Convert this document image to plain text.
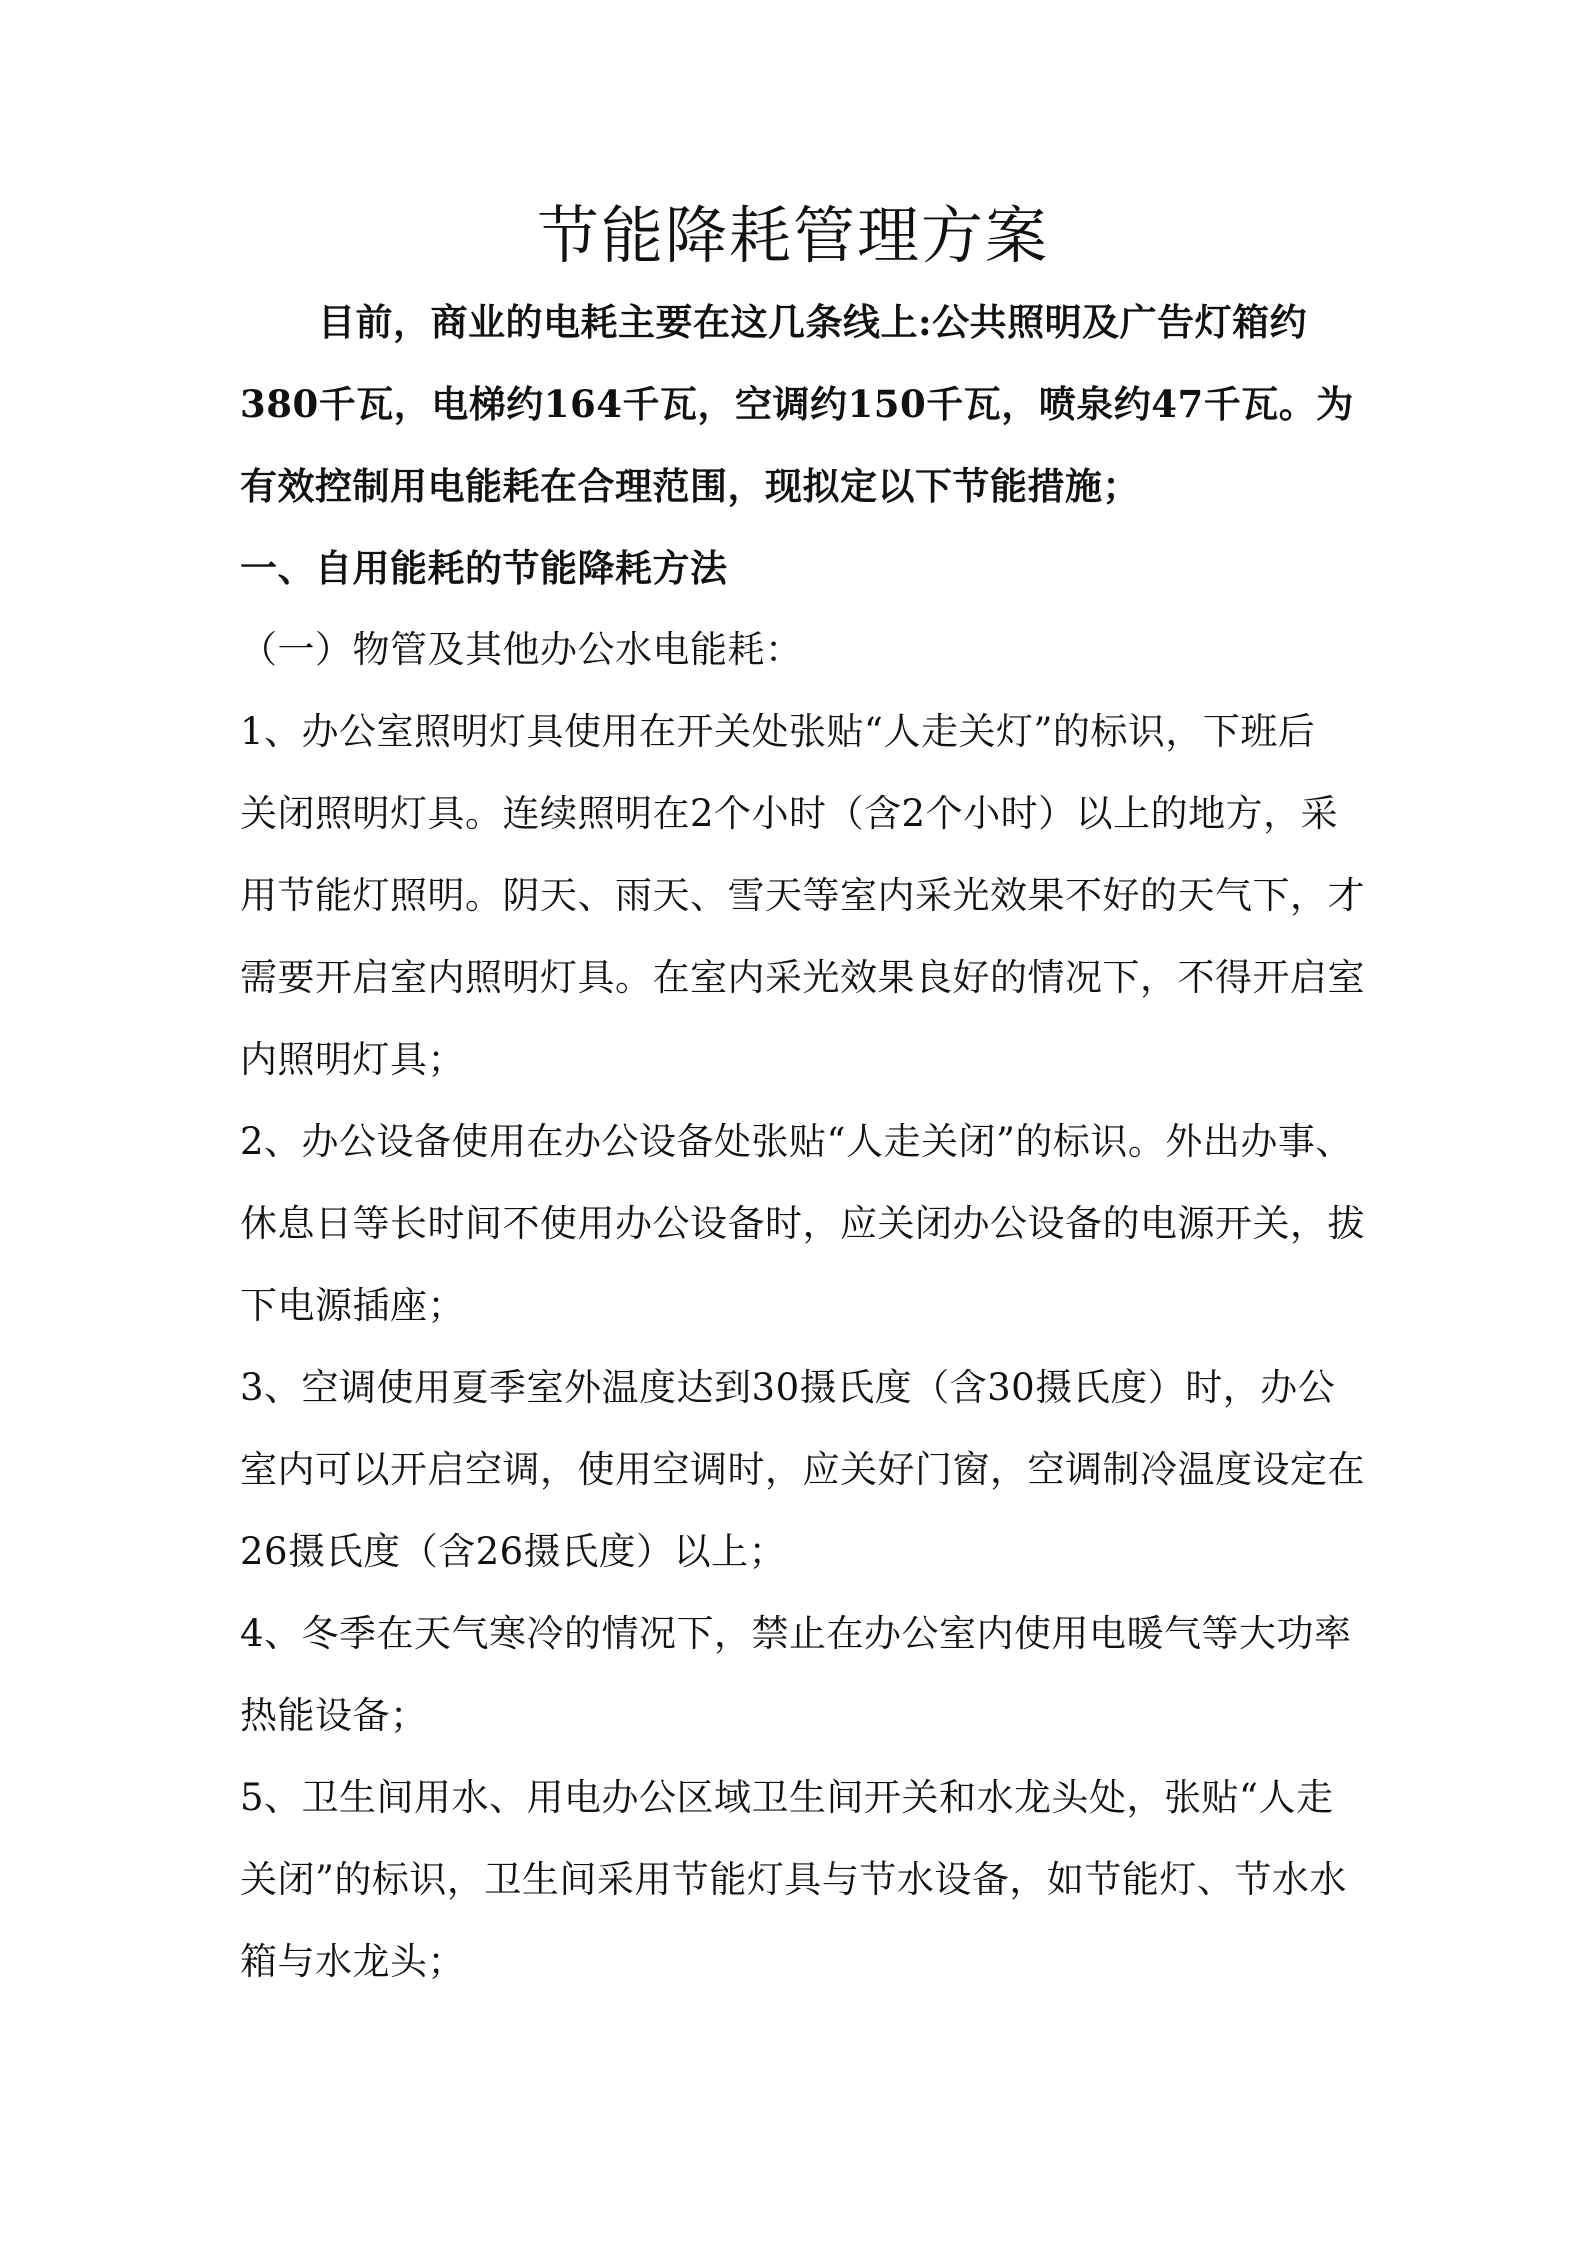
节能降耗管理方案
目前，商业的电耗主要在这几条线上:公共照明及广告灯箱约
380千瓦，电梯约164千瓦，空调约150千瓦，喷泉约47千瓦。为
有效控制用电能耗在合理范围，现拟定以下节能措施；
一、自用能耗的节能降耗方法
（一）物管及其他办公水电能耗：
1、办公室照明灯具使用在开关处张贴“人走关灯”的标识，下班后
关闭照明灯具。连续照明在2个小时（含2个小时）以上的地方，采
用节能灯照明。阴天、雨天、雪天等室内采光效果不好的天气下，才
需要开启室内照明灯具。在室内采光效果良好的情况下，不得开启室
内照明灯具；
2、办公设备使用在办公设备处张贴“人走关闭”的标识。外出办事、
休息日等长时间不使用办公设备时，应关闭办公设备的电源开关，拔
下电源插座；
3、空调使用夏季室外温度达到30摄氏度（含30摄氏度）时，办公
室内可以开启空调，使用空调时，应关好门窗，空调制冷温度设定在
26摄氏度（含26摄氏度）以上；
4、冬季在天气寒冷的情况下，禁止在办公室内使用电暖气等大功率
热能设备；
5、卫生间用水、用电办公区域卫生间开关和水龙头处，张贴“人走
关闭”的标识，卫生间采用节能灯具与节水设备，如节能灯、节水水
箱与水龙头；
